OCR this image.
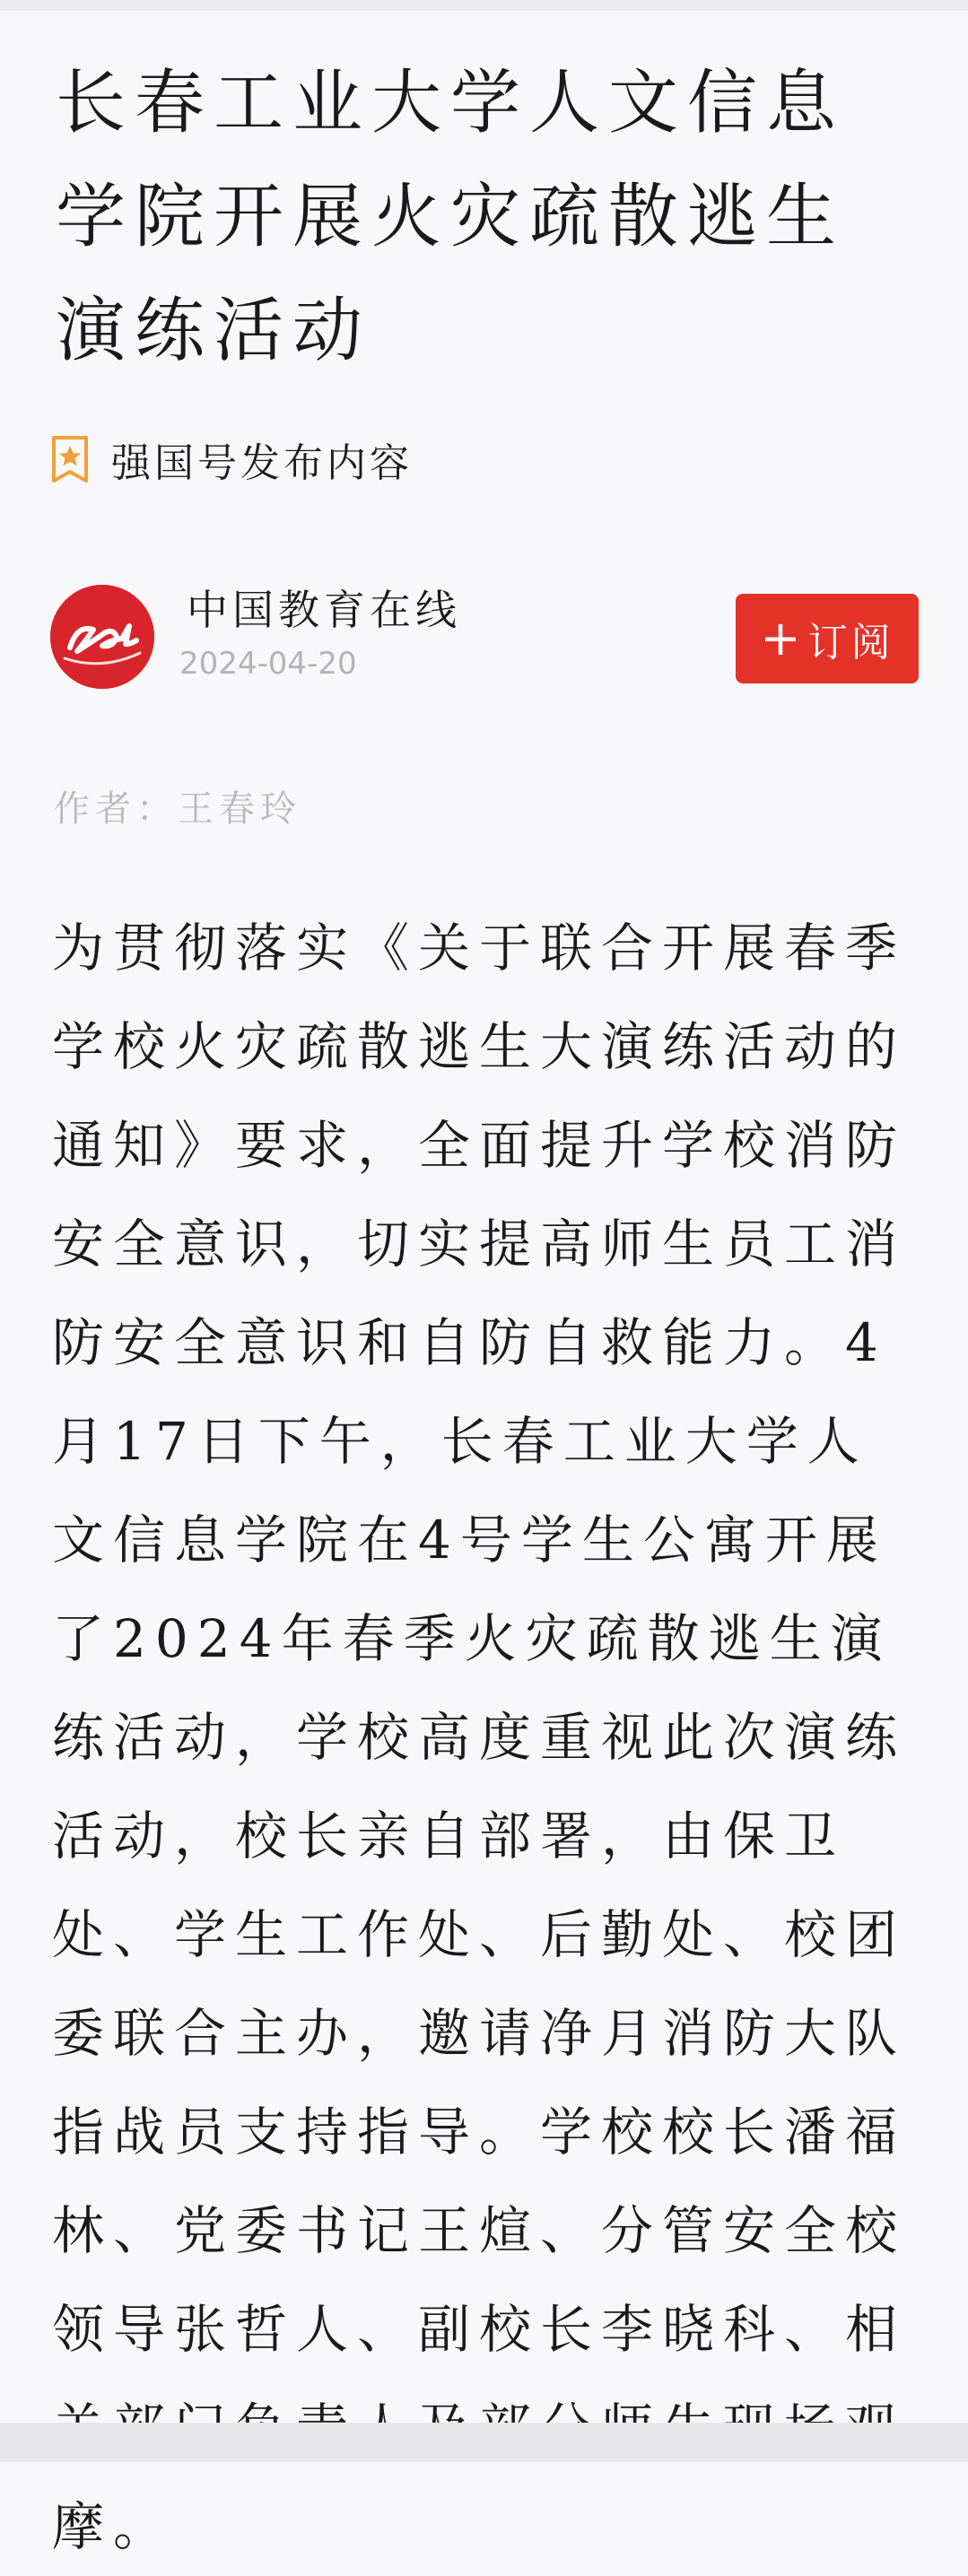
长春工业大学人文信息学院开展火灾疏散逃生演练活动
强国号发布内容
中国教育在线
2024-04-20	+ 订阅
作者：王春玲

为贯彻落实《关于联合开展春季学校火灾疏散逃生大演练活动的通知》要求，全面提升学校消防安全意识，切实提高师生员工消防安全意识和自防自救能力。4月17日下午，长春工业大学人文信息学院在4号学生公寓开展了2024年春季火灾疏散逃生演练活动，学校高度重视此次演练活动，校长亲自部署，由保卫处、学生工作处、后勤处、校团委联合主办，邀请净月消防大队指战员支持指导。学校校长潘福林、党委书记王煊、分管安全校领导张哲人、副校长李晓科、相 摩。
